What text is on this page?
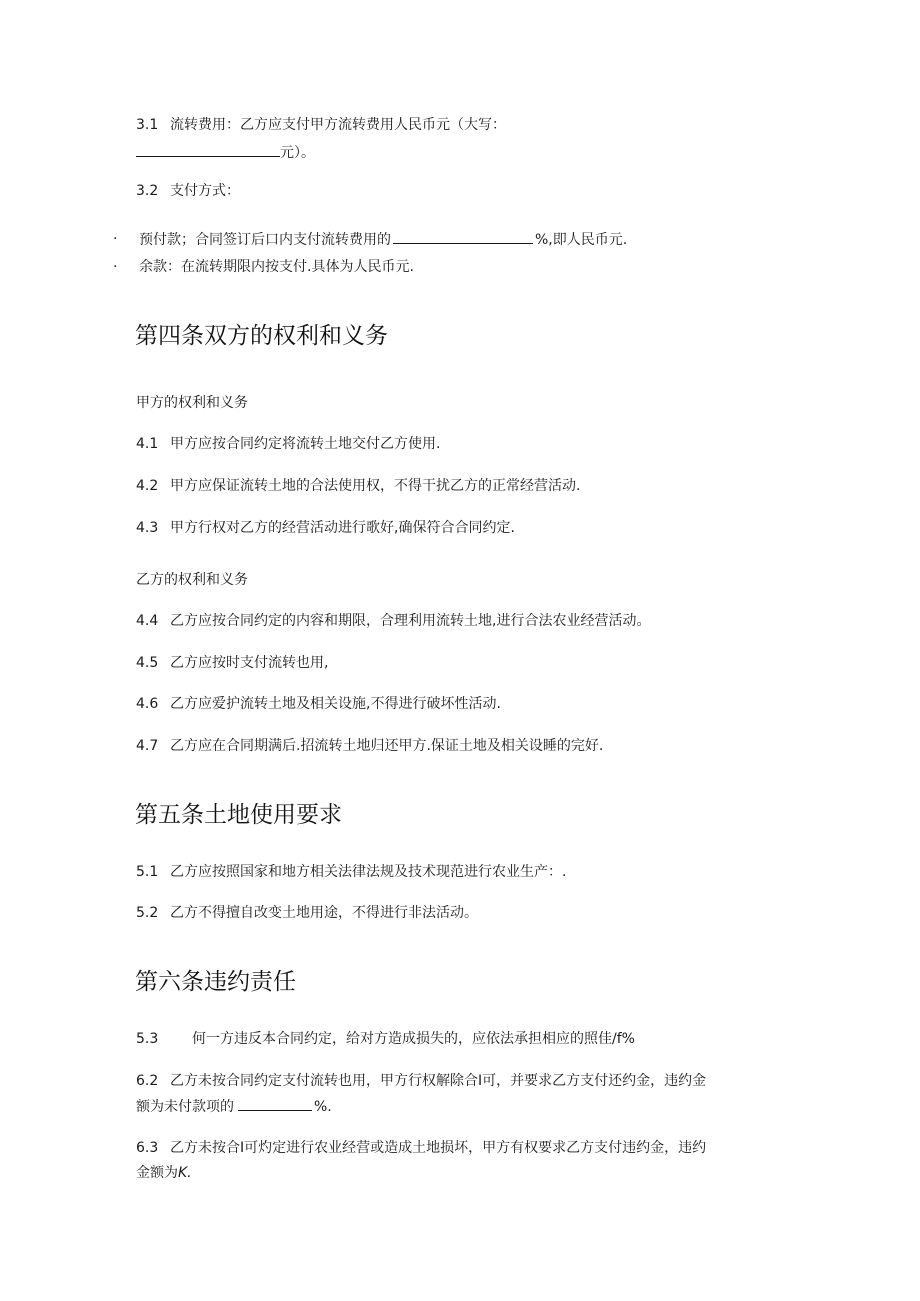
3.1 流转费用：乙方应支付甲方流转费用人民币元（大写：
元）。
3.2 支付方式：
· 预付款；合同签订后口内支付流转费用的	%,即人民币元.
· 余款：在流转期限内按支付.具体为人民币元.
第四条双方的权利和义务
甲方的权利和义务
4.1 甲方应按合同约定将流转土地交付乙方使用.
4.2 甲方应保证流转土地的合法使用权，不得干扰乙方的正常经营活动.
4.3 甲方行权对乙方的经营活动进行歌好,确保符合合同约定.
乙方的权利和义务
4.4 乙方应按合同约定的内容和期限，合理利用流转土地,进行合法农业经营活动。
4.5 乙方应按时支付流转也用,
4.6 乙方应爱护流转土地及相关设施,不得进行破坏性活动.
4.7 乙方应在合同期满后.招流转土地归还甲方.保证土地及相关设睡的完好.
第五条土地使用要求
5.1 乙方应按照国家和地方相关法律法规及技术现范进行农业生产：.
5.2 乙方不得擅自改变土地用途，不得进行非法活动。
第六条违约责任
5.3 何一方违反本合同约定，给对方造成损失的，应依法承担相应的照佳/f%
6.2 乙方未按合同约定支付流转也用，甲方行权解除合I可，并要求乙方支付还约金，违约金
额为未付款项的	%.
6.3 乙方未按合I可灼定进行农业经营或造成土地损坏，甲方有权要求乙方支付违约金，违约
金额为K.
